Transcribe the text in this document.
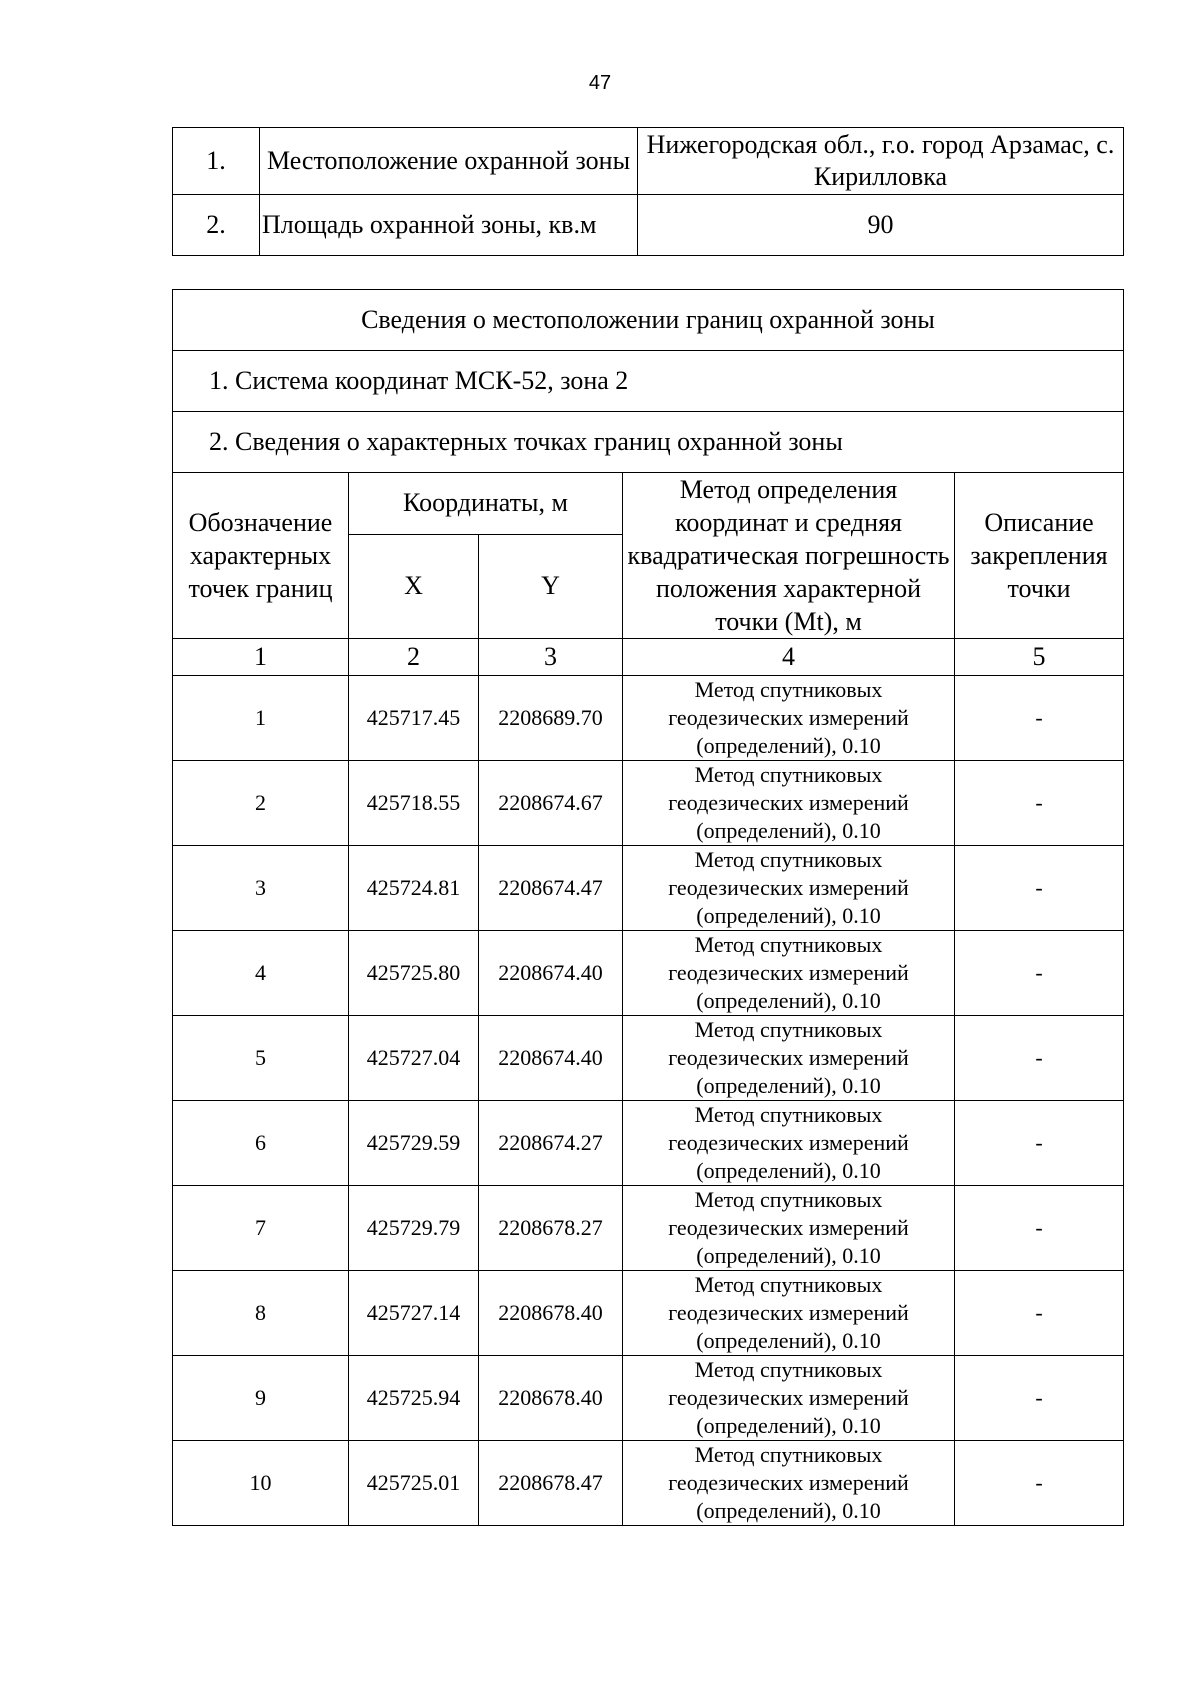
47
1.	Местоположение охранной зоны	Нижегородская обл., г.о. город Арзамас, с. Кирилловка
2.	Площадь охранной зоны, кв.м	90
Сведения о местоположении границ охранной зоны				
1. Система координат МСК-52, зона 2				
2. Сведения о характерных точках границ охранной зоны				
Обозначение характерных точек границ	Координаты, м		Метод определения координат и средняя квадратическая погрешность положения характерной точки (Mt), м	Описание закрепления точки
	X	Y		
1	2	3	4	5
1	425717.45	2208689.70	Метод спутниковых геодезических измерений (определений), 0.10	-
2	425718.55	2208674.67	Метод спутниковых геодезических измерений (определений), 0.10	-
3	425724.81	2208674.47	Метод спутниковых геодезических измерений (определений), 0.10	-
4	425725.80	2208674.40	Метод спутниковых геодезических измерений (определений), 0.10	-
5	425727.04	2208674.40	Метод спутниковых геодезических измерений (определений), 0.10	-
6	425729.59	2208674.27	Метод спутниковых геодезических измерений (определений), 0.10	-
7	425729.79	2208678.27	Метод спутниковых геодезических измерений (определений), 0.10	-
8	425727.14	2208678.40	Метод спутниковых геодезических измерений (определений), 0.10	-
9	425725.94	2208678.40	Метод спутниковых геодезических измерений (определений), 0.10	-
10	425725.01	2208678.47	Метод спутниковых геодезических измерений (определений), 0.10	-
